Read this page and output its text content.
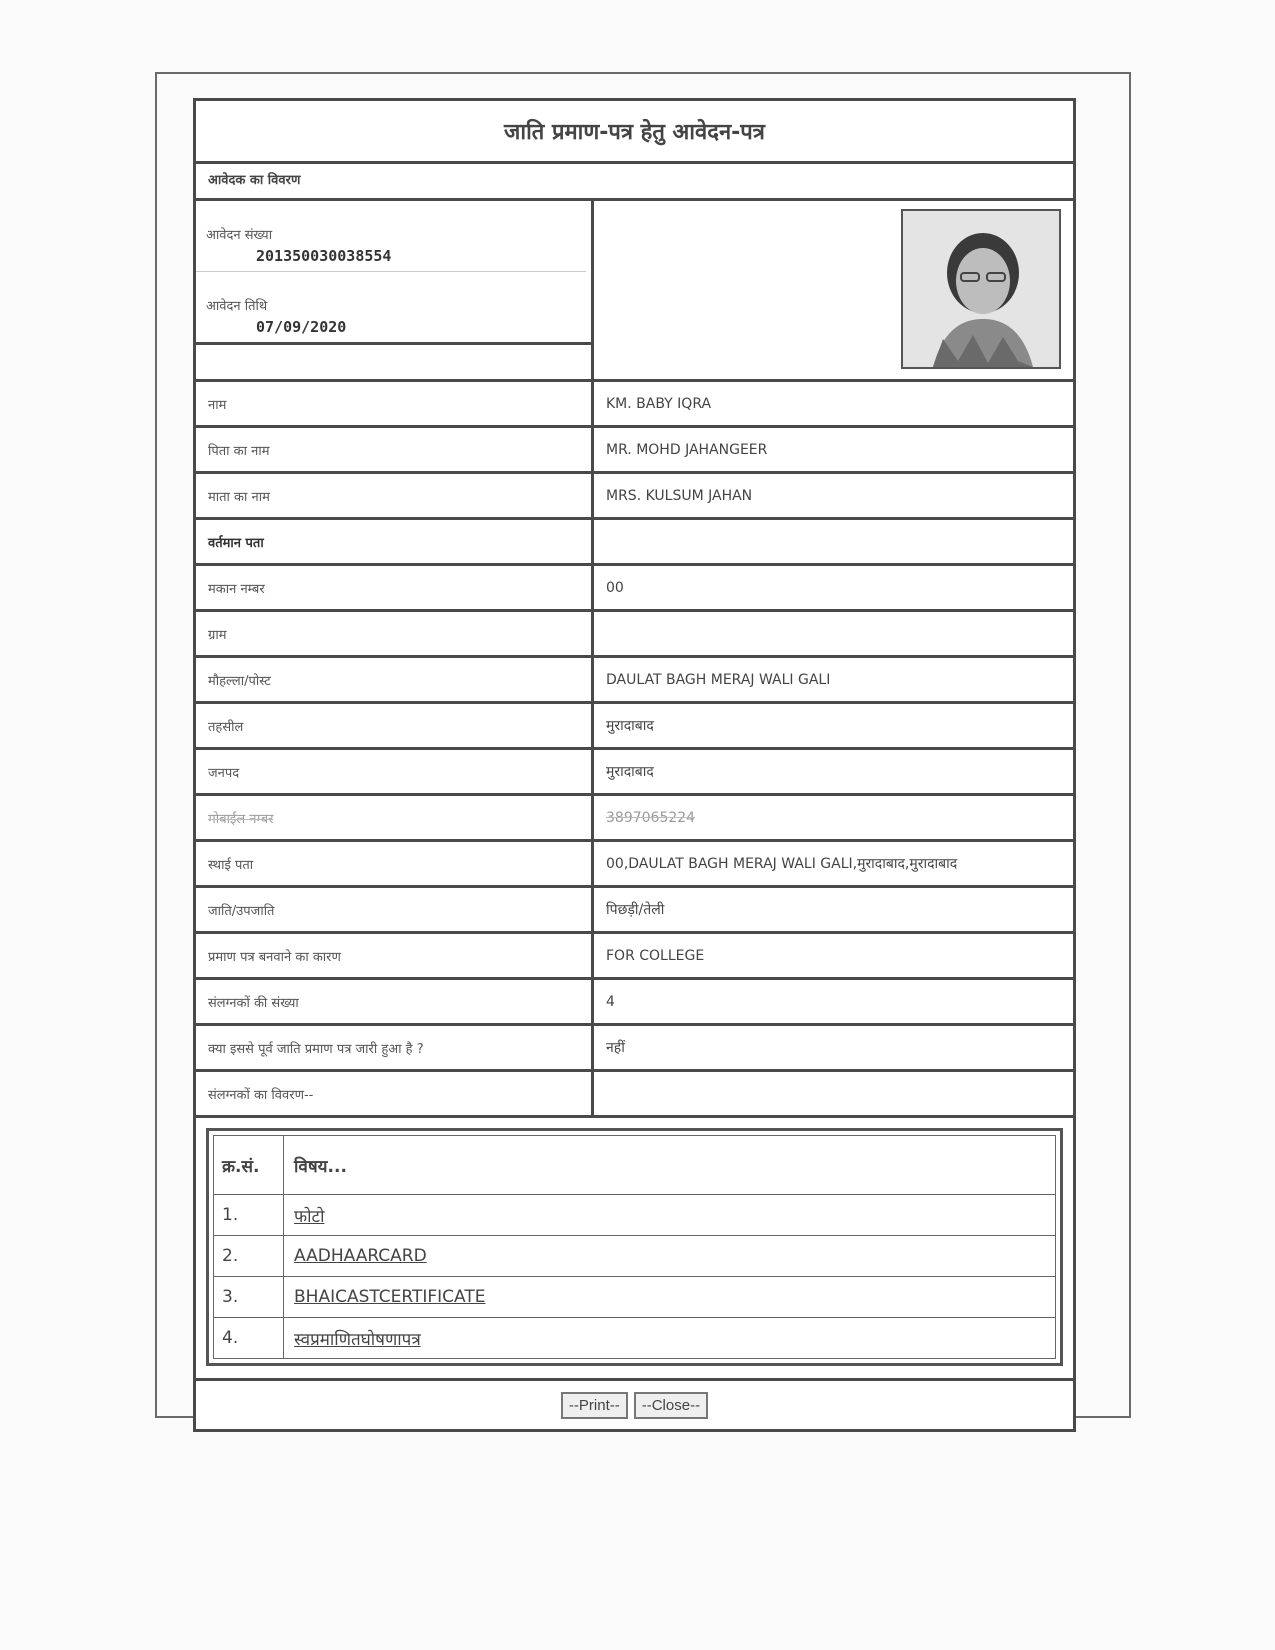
जाति प्रमाण-पत्र हेतु आवेदन-पत्र
आवेदक का विवरण
आवेदन संख्या
201350030038554
आवेदन तिथि
07/09/2020
नाम	KM. BABY IQRA
पिता का नाम	MR. MOHD JAHANGEER
माता का नाम	MRS. KULSUM JAHAN
वर्तमान पता
मकान नम्बर	00
ग्राम
मौहल्ला/पोस्ट	DAULAT BAGH MERAJ WALI GALI
तहसील	मुरादाबाद
जनपद	मुरादाबाद
मोबाईल नम्बर	3897065224
स्थाई पता	00,DAULAT BAGH MERAJ WALI GALI,मुरादाबाद,मुरादाबाद
जाति/उपजाति	पिछड़ी/तेली
प्रमाण पत्र बनवाने का कारण	FOR COLLEGE
संलग्नकों की संख्या	4
क्या इससे पूर्व जाति प्रमाण पत्र जारी हुआ है ?	नहीं
संलग्नकों का विवरण--
क्र.सं.	विषय...
1.	फोटो
2.	AADHAARCARD
3.	BHAICASTCERTIFICATE
4.	स्वप्रमाणितघोषणापत्र
--Print--	--Close--
